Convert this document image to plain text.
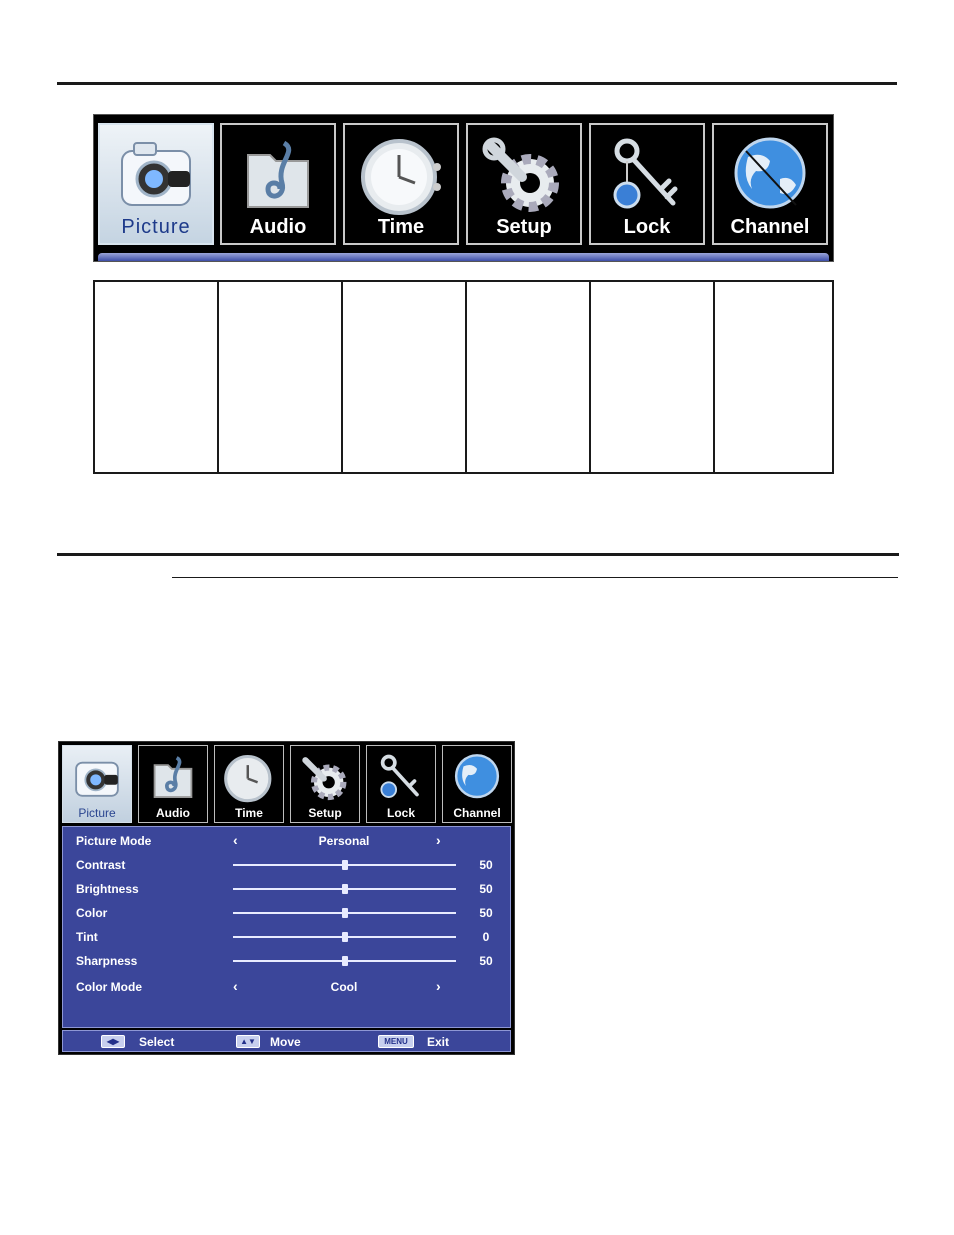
Picture	Audio	Time	Setup	Lock	Channel

Picture	Audio	Time	Setup	Lock	Channel
Picture Mode	‹	Personal	›
Contrast	50
Brightness	50
Color	50
Tint	0
Sharpness	50
Color Mode	‹	Cool	›
◀▶	Select	▲▼	Move	MENU	Exit
